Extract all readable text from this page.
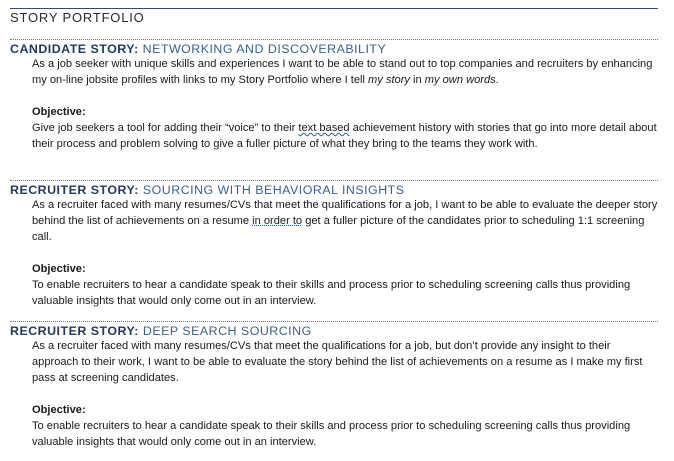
STORY PORTFOLIO
CANDIDATE STORY: NETWORKING AND DISCOVERABILITY

As a job seeker with unique skills and experiences I want to be able to stand out to top companies and recruiters by enhancing my on-line jobsite profiles with links to my Story Portfolio where I tell my story in my own words.

Objective:

Give job seekers a tool for adding their “voice” to their text based achievement history with stories that go into more detail about their process and problem solving to give a fuller picture of what they bring to the teams they work with.

RECRUITER STORY: SOURCING WITH BEHAVIORAL INSIGHTS

As a recruiter faced with many resumes/CVs that meet the qualifications for a job, I want to be able to evaluate the deeper story behind the list of achievements on a resume in order to get a fuller picture of the candidates prior to scheduling 1:1 screening call.

Objective:

To enable recruiters to hear a candidate speak to their skills and process prior to scheduling screening calls thus providing valuable insights that would only come out in an interview.

RECRUITER STORY: DEEP SEARCH SOURCING

As a recruiter faced with many resumes/CVs that meet the qualifications for a job, but don’t provide any insight to their approach to their work, I want to be able to evaluate the story behind the list of achievements on a resume as I make my first pass at screening candidates.

Objective:

To enable recruiters to hear a candidate speak to their skills and process prior to scheduling screening calls thus providing valuable insights that would only come out in an interview.
